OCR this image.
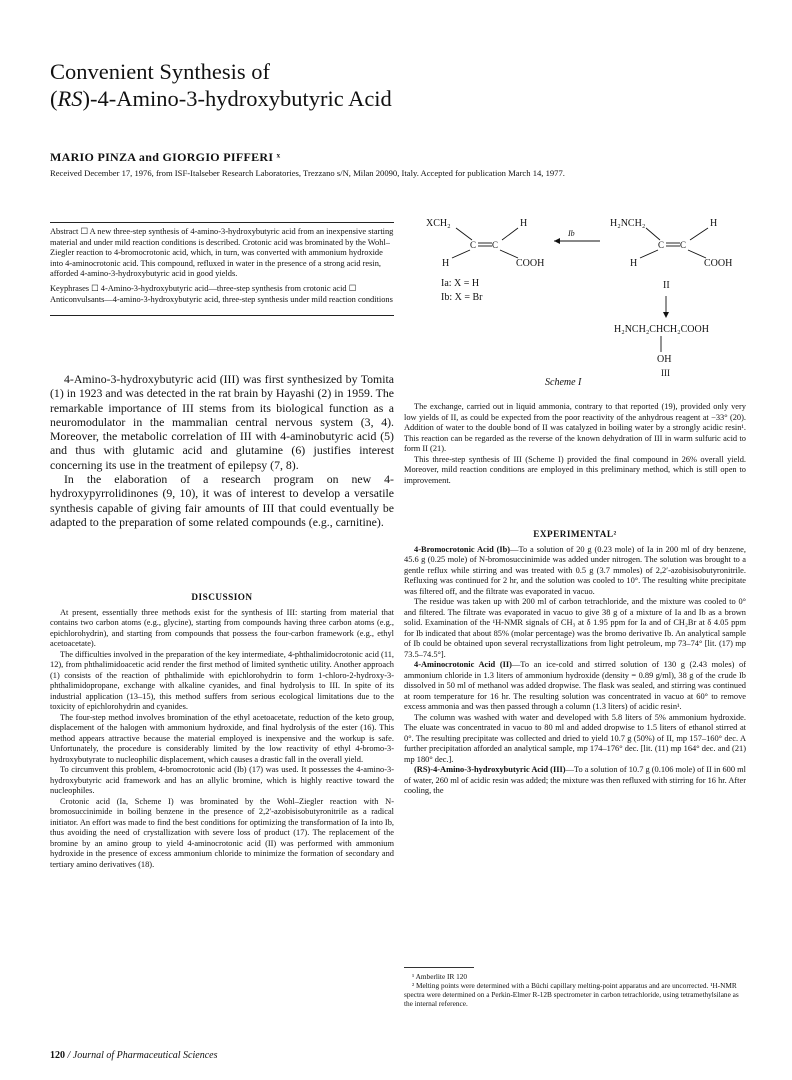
Convenient Synthesis of
(RS)-4-Amino-3-hydroxybutyric Acid
MARIO PINZA and GIORGIO PIFFERI ˣ
Received December 17, 1976, from ISF-Italseber Research Laboratories, Trezzano s/N, Milan 20090, Italy. Accepted for publication March 14, 1977.

Abstract ☐ A new three-step synthesis of 4-amino-3-hydroxybutyric acid from an inexpensive starting material and under mild reaction conditions is described. Crotonic acid was brominated by the Wohl–Ziegler reaction to 4-bromocrotonic acid, which, in turn, was converted with ammonium hydroxide into 4-aminocrotonic acid. This compound, refluxed in water in the presence of a strong acid resin, afforded 4-amino-3-hydroxybutyric acid in good yields.

Keyphrases ☐ 4-Amino-3-hydroxybutyric acid—three-step synthesis from crotonic acid ☐ Anticonvulsants—4-amino-3-hydroxybutyric acid, three-step synthesis under mild reaction conditions

4-Amino-3-hydroxybutyric acid (III) was first synthesized by Tomita (1) in 1923 and was detected in the rat brain by Hayashi (2) in 1959. The remarkable importance of III stems from its biological function as a neuromodulator in the mammalian central nervous system (3, 4). Moreover, the metabolic correlation of III with 4-aminobutyric acid (5) and thus with glutamic acid and glutamine (6) justifies interest concerning its use in the treatment of epilepsy (7, 8).

In the elaboration of a research program on new 4-hydroxypyrrolidinones (9, 10), it was of interest to develop a versatile synthesis capable of giving fair amounts of III that could eventually be adapted to the preparation of some related compounds (e.g., carnitine).

DISCUSSION

At present, essentially three methods exist for the synthesis of III: starting from material that contains two carbon atoms (e.g., glycine), starting from compounds having three carbon atoms (e.g., epichlorohydrin), and starting from compounds that possess the four-carbon framework (e.g., ethyl acetoacetate).

The difficulties involved in the preparation of the key intermediate, 4-phthalimidocrotonic acid (11, 12), from phthalimidoacetic acid render the first method of limited synthetic utility. Another approach (1) consists of the reaction of phthalimide with epichlorohydrin to form 1-chloro-2-hydroxy-3-phthalimidopropane, exchange with alkaline cyanides, and final hydrolysis to III. In spite of its industrial application (13–15), this method suffers from serious ecological limitations due to the toxicity of epichlorohydrin and cyanides.

The four-step method involves bromination of the ethyl acetoacetate, reduction of the keto group, displacement of the halogen with ammonium hydroxide, and final hydrolysis of the ester (16). This method appears attractive because the material employed is inexpensive and the workup is safe. Unfortunately, the procedure is considerably limited by the low reactivity of ethyl 4-bromo-3-hydroxybutyrate to nucleophilic displacement, which causes a drastic fall in the overall yield.

To circumvent this problem, 4-bromocrotonic acid (Ib) (17) was used. It possesses the 4-amino-3-hydroxybutyric acid framework and has an allylic bromine, which is highly reactive toward the nucleophiles.

Crotonic acid (Ia, Scheme I) was brominated by the Wohl–Ziegler reaction with N-bromosuccinimide in boiling benzene in the presence of 2,2′-azobisisobutyronitrile as a radical initiator. An effort was made to find the best conditions for optimizing the transformation of Ia into Ib, thus avoiding the need of crystallization with severe loss of product (17). The replacement of the bromine by an amino group to yield 4-aminocrotonic acid (II) was performed with ammonium hydroxide in the presence of excess ammonium chloride to minimize the formation of secondary and tertiary amino derivatives (18).

XCH₂	H
C C
H	COOH
Ia: X = H
Ib: X = Br
Ib
H₂NCH₂	H
C C
H	COOH
II
H₂NCH₂CHCH₂COOH
OH
III
Scheme I

The exchange, carried out in liquid ammonia, contrary to that reported (19), provided only very low yields of II, as could be expected from the poor reactivity of the anhydrous reagent at −33° (20). Addition of water to the double bond of II was catalyzed in boiling water by a strongly acidic resin¹. This reaction can be regarded as the reverse of the known dehydration of III in warm sulfuric acid to form II (21).

This three-step synthesis of III (Scheme I) provided the final compound in 26% overall yield. Moreover, mild reaction conditions are employed in this preliminary method, which is still open to improvement.

EXPERIMENTAL²

4-Bromocrotonic Acid (Ib)—To a solution of 20 g (0.23 mole) of Ia in 200 ml of dry benzene, 45.6 g (0.25 mole) of N-bromosuccinimide was added under nitrogen. The solution was brought to a gentle reflux while stirring and was treated with 0.5 g (3.7 mmoles) of 2,2′-azobisisobutyronitrile. Refluxing was continued for 2 hr, and the solution was cooled to 10°. The resulting white precipitate was filtered off, and the filtrate was evaporated in vacuo.

The residue was taken up with 200 ml of carbon tetrachloride, and the mixture was cooled to 0° and filtered. The filtrate was evaporated in vacuo to give 38 g of a mixture of Ia and Ib as a brown solid. Examination of the ¹H-NMR signals of CH₃ at δ 1.95 ppm for Ia and of CH₂Br at δ 4.05 ppm for Ib indicated that about 85% (molar percentage) was the bromo derivative Ib. An analytical sample of Ib could be obtained upon several recrystallizations from light petroleum, mp 73–74° [lit. (17) mp 73.5–74.5°].

4-Aminocrotonic Acid (II)—To an ice-cold and stirred solution of 130 g (2.43 moles) of ammonium chloride in 1.3 liters of ammonium hydroxide (density = 0.89 g/ml), 38 g of the crude Ib dissolved in 50 ml of methanol was added dropwise. The flask was sealed, and stirring was continued at room temperature for 16 hr. The resulting solution was concentrated in vacuo at 60° to remove excess ammonia and was then passed through a column (1.3 liters) of acidic resin¹.

The column was washed with water and developed with 5.8 liters of 5% ammonium hydroxide. The eluate was concentrated in vacuo to 80 ml and added dropwise to 1.5 liters of ethanol stirred at 0°. The resulting precipitate was collected and dried to yield 10.7 g (50%) of II, mp 157–160° dec. A further precipitation afforded an analytical sample, mp 174–176° dec. [lit. (11) mp 164° dec. and (21) mp 180° dec.].

(RS)-4-Amino-3-hydroxybutyric Acid (III)—To a solution of 10.7 g (0.106 mole) of II in 600 ml of water, 260 ml of acidic resin was added; the mixture was then refluxed with stirring for 16 hr. After cooling, the

¹ Amberlite IR 120

² Melting points were determined with a Büchi capillary melting-point apparatus and are uncorrected. ¹H-NMR spectra were determined on a Perkin-Elmer R-12B spectrometer in carbon tetrachloride, using tetramethylsilane as the internal reference.

120 / Journal of Pharmaceutical Sciences
